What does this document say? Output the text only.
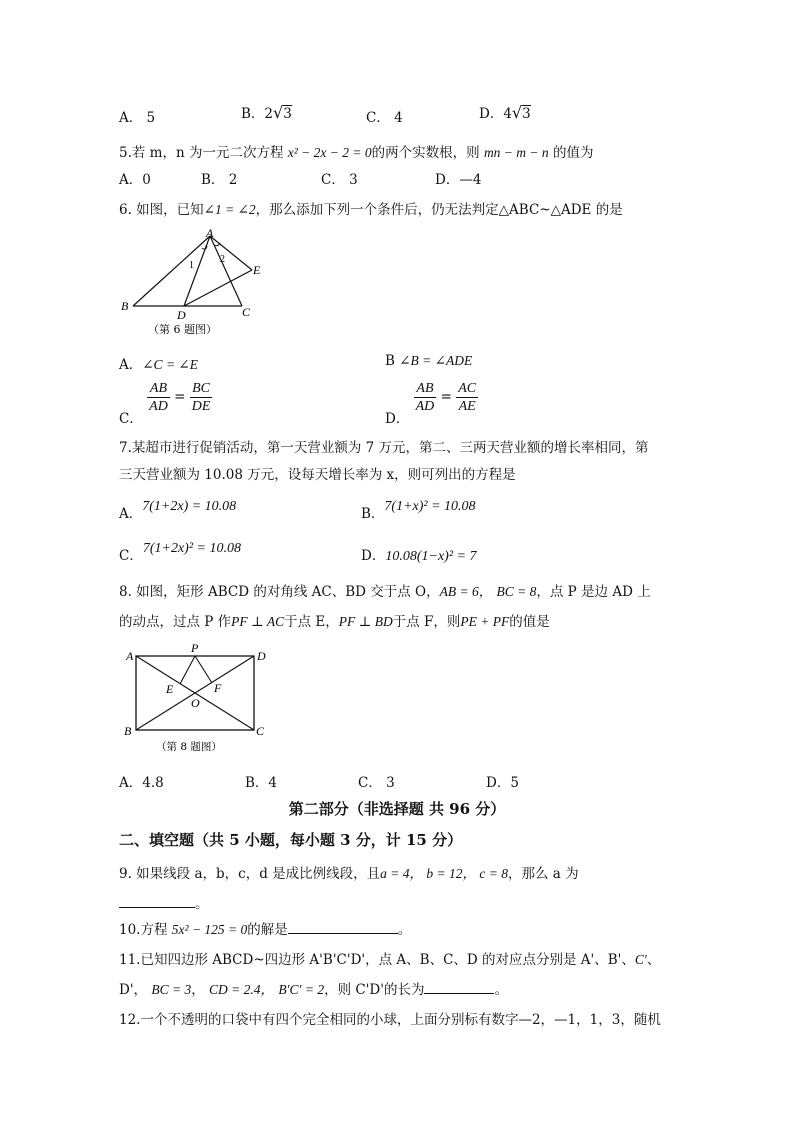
A． 5	B．2√3	C． 4	D．4√3
5.若 m，n 为一元二次方程 x² − 2x − 2 = 0的两个实数根，则 mn − m − n 的值为
A．0	B． 2	C． 3	D．—4
6. 如图，已知∠1 = ∠2，那么添加下列一个条件后，仍无法判定△ABC~△ADE 的是
A
B	C
D
E
1
2
（第 6 题图）
A．∠C = ∠E	B ∠B = ∠ADE
C．
$\frac{AB}{AD} = \frac{BC}{DE}$
D．
$\frac{AB}{AD} = \frac{AC}{AE}$
7.某超市进行促销活动，第一天营业额为 7 万元，第二、三两天营业额的增长率相同，第
三天营业额为 10.08 万元，设每天增长率为 x，则可列出的方程是
A．7(1+2x) = 10.08	B．7(1+x)² = 10.08
C．7(1+2x)² = 10.08	D．10.08(1−x)² = 7
8. 如图，矩形 ABCD 的对角线 AC、BD 交于点 O，AB = 6， BC = 8，点 P 是边 AD 上
的动点，过点 P 作PF ⊥ AC于点 E，PF ⊥ BD于点 F，则PE + PF的值是
A
B	C
D
P
E	F
O
（第 8 题图）
A．4.8	B．4	C． 3	D．5
第二部分（非选择题 共 96 分）
二、填空题（共 5 小题，每小题 3 分，计 15 分）
9. 如果线段 a，b，c，d 是成比例线段，且a = 4， b = 12， c = 8，那么 a 为
。
10.方程 5x² − 125 = 0的解是	。
11.已知四边形 ABCD~四边形 A'B'C'D'，点 A、B、C、D 的对应点分别是 A'、B'、C′、
D'， BC = 3， CD = 2.4， B′C′ = 2，则 C'D'的长为	。
12.一个不透明的口袋中有四个完全相同的小球，上面分别标有数字—2，—1，1，3，随机
